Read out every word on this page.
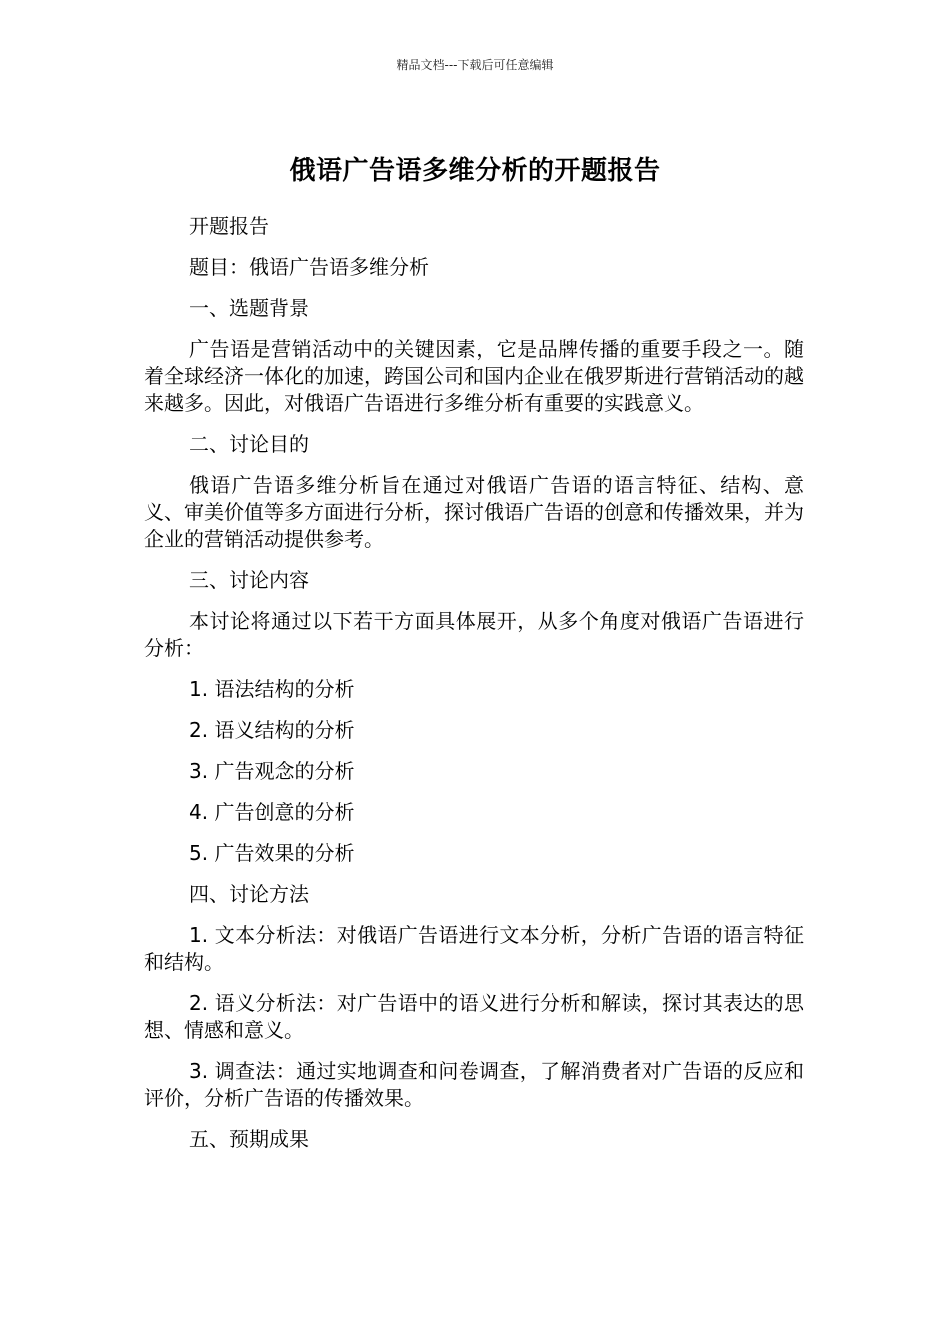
精品文档---下载后可任意编辑
俄语广告语多维分析的开题报告

开题报告

题目：俄语广告语多维分析

一、选题背景

广告语是营销活动中的关键因素，它是品牌传播的重要手段之一。随着全球经济一体化的加速，跨国公司和国内企业在俄罗斯进行营销活动的越来越多。因此，对俄语广告语进行多维分析有重要的实践意义。

二、讨论目的

俄语广告语多维分析旨在通过对俄语广告语的语言特征、结构、意义、审美价值等多方面进行分析，探讨俄语广告语的创意和传播效果，并为企业的营销活动提供参考。

三、讨论内容

本讨论将通过以下若干方面具体展开，从多个角度对俄语广告语进行分析：

1. 语法结构的分析

2. 语义结构的分析

3. 广告观念的分析

4. 广告创意的分析

5. 广告效果的分析

四、讨论方法

1. 文本分析法：对俄语广告语进行文本分析，分析广告语的语言特征和结构。

2. 语义分析法：对广告语中的语义进行分析和解读，探讨其表达的思想、情感和意义。

3. 调查法：通过实地调查和问卷调查，了解消费者对广告语的反应和评价，分析广告语的传播效果。

五、预期成果
